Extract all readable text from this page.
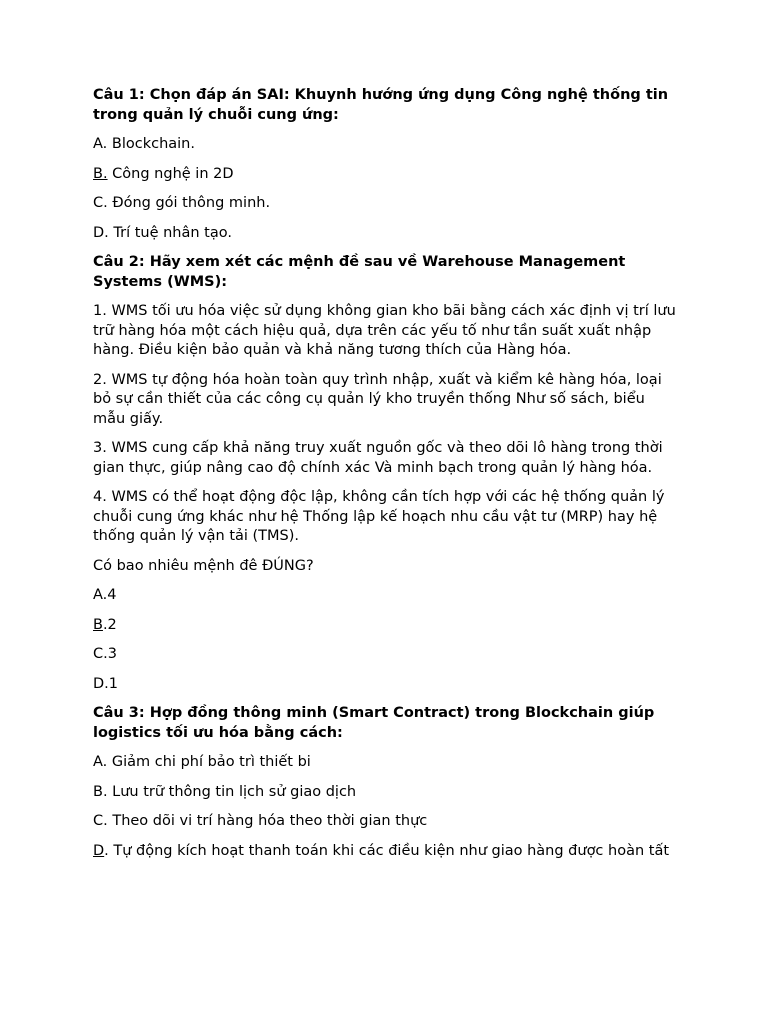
Câu 1: Chọn đáp án SAI: Khuynh hướng ứng dụng Công nghệ thống tin trong quản lý chuỗi cung ứng:

A. Blockchain.

B. Công nghệ in 2D

C. Đóng gói thông minh.

D. Trí tuệ nhân tạo.

Câu 2: Hãy xem xét các mệnh đề sau về Warehouse Management Systems (WMS):

1. WMS tối ưu hóa việc sử dụng không gian kho bãi bằng cách xác định vị trí lưu trữ hàng hóa một cách hiệu quả, dựa trên các yếu tố như tần suất xuất nhập hàng. Điều kiện bảo quản và khả năng tương thích của Hàng hóa.

2. WMS tự động hóa hoàn toàn quy trình nhập, xuất và kiểm kê hàng hóa, loại bỏ sự cần thiết của các công cụ quản lý kho truyền thống Như số sách, biểu mẫu giấy.

3. WMS cung cấp khả năng truy xuất nguồn gốc và theo dõi lô hàng trong thời gian thực, giúp nâng cao độ chính xác Và minh bạch trong quản lý hàng hóa.

4. WMS có thể hoạt động độc lập, không cần tích hợp với các hệ thống quản lý chuỗi cung ứng khác như hệ Thống lập kế hoạch nhu cầu vật tư (MRP) hay hệ thống quản lý vận tải (TMS).

Có bao nhiêu mệnh đê ĐÚNG?

A.4

B.2

C.3

D.1

Câu 3: Hợp đồng thông minh (Smart Contract) trong Blockchain giúp logistics tối ưu hóa bằng cách:

A. Giảm chi phí bảo trì thiết bi

B. Lưu trữ thông tin lịch sử giao dịch

C. Theo dõi vi trí hàng hóa theo thời gian thực

D. Tự động kích hoạt thanh toán khi các điều kiện như giao hàng được hoàn tất
